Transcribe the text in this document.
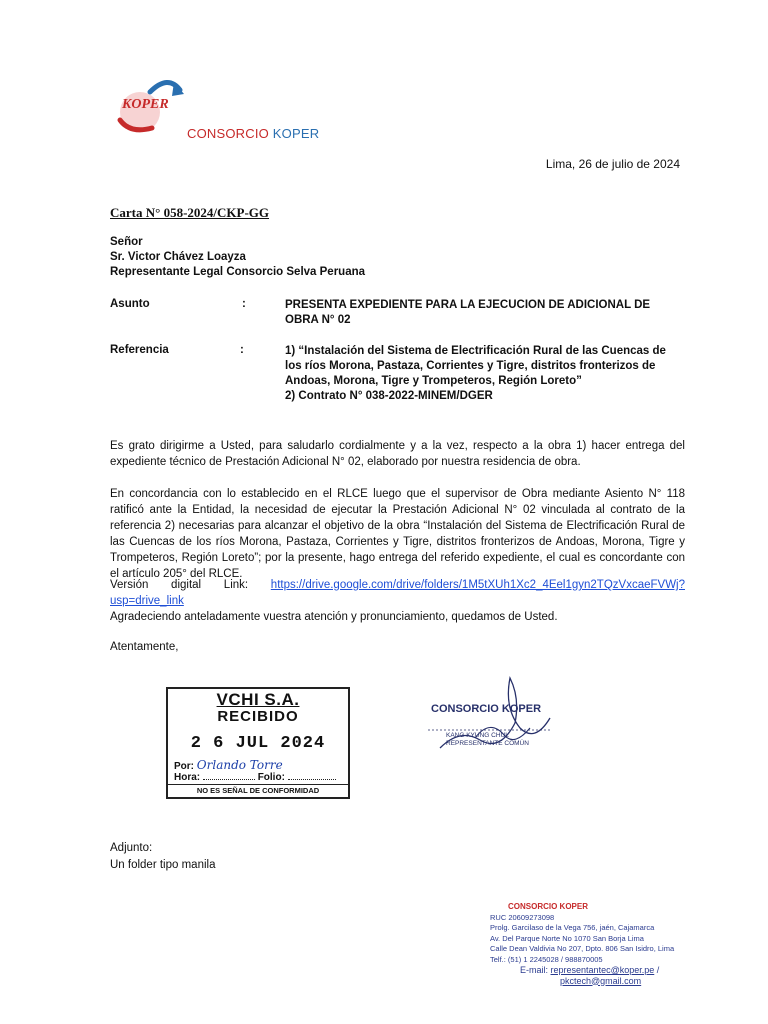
KOPER
CONSORCIO KOPER
Lima, 26 de julio de 2024
Carta N° 058-2024/CKP-GG
Señor
Sr. Victor Chávez Loayza
Representante Legal Consorcio Selva Peruana
Asunto	:	PRESENTA EXPEDIENTE PARA LA EJECUCION DE ADICIONAL DE OBRA N° 02
Referencia	:	1) “Instalación del Sistema de Electrificación Rural de las Cuencas de los ríos Morona, Pastaza, Corrientes y Tigre, distritos fronterizos de Andoas, Morona, Tigre y Trompeteros, Región Loreto”
2) Contrato N° 038-2022-MINEM/DGER
Es grato dirigirme a Usted, para saludarlo cordialmente y a la vez, respecto a la obra 1) hacer entrega del expediente técnico de Prestación Adicional N° 02, elaborado por nuestra residencia de obra.
En concordancia con lo establecido en el RLCE luego que el supervisor de Obra mediante Asiento N° 118 ratificó ante la Entidad, la necesidad de ejecutar la Prestación Adicional N° 02 vinculada al contrato de la referencia 2) necesarias para alcanzar el objetivo de la obra “Instalación del Sistema de Electrificación Rural de las Cuencas de los ríos Morona, Pastaza, Corrientes y Tigre, distritos fronterizos de Andoas, Morona, Tigre y Trompeteros, Región Loreto”; por la presente, hago entrega del referido expediente, el cual es concordante con el artículo 205° del RLCE.
Versión digital Link: https://drive.google.com/drive/folders/1M5tXUh1Xc2_4Eel1gyn2TQzVxcaeFVWj?usp=drive_link
Agradeciendo anteladamente vuestra atención y pronunciamiento, quedamos de Usted.
Atentamente,
VCHI S.A.
RECIBIDO
2 6 JUL 2024
Por: Orlando Torre
Hora:	Folio:
NO ES SEÑAL DE CONFORMIDAD
CONSORCIO KOPER
KANG KYUNG CHUL
REPRESENTANTE COMÚN
Adjunto:
Un folder tipo manila
CONSORCIO KOPER
RUC 20609273098
Prolg. Garcilaso de la Vega 756, jaén, Cajamarca
Av. Del Parque Norte No 1070 San Borja Lima
Calle Dean Valdivia No 207, Dpto. 806 San Isidro, Lima
Telf.: (51) 1 2245028 / 988870005
E-mail: representantec@koper.pe /
pkctech@gmail.com
